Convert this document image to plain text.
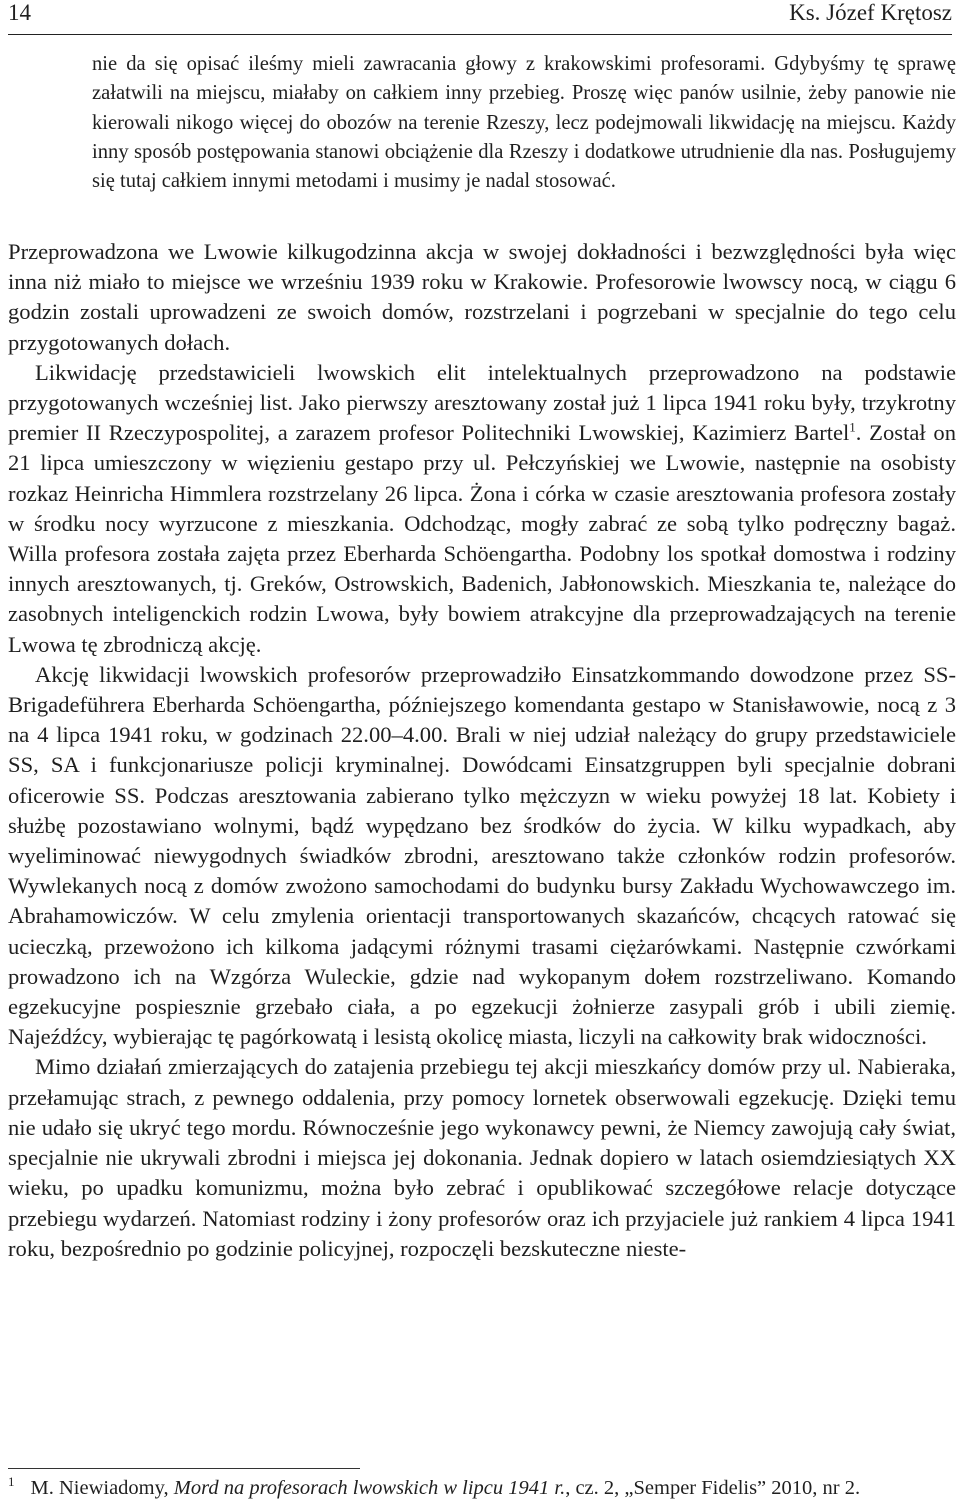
14	Ks. Józef Krętosz

nie da się opisać ileśmy mieli zawracania głowy z krakowskimi profesorami. Gdybyśmy tę sprawę załatwili na miejscu, miałaby on całkiem inny przebieg. Proszę więc panów usilnie, żeby panowie nie kierowali nikogo więcej do obozów na terenie Rzeszy, lecz podejmowali likwidację na miejscu. Każdy inny sposób postępowania stanowi obciążenie dla Rzeszy i dodatkowe utrudnienie dla nas. Posługujemy się tutaj całkiem innymi metodami i musimy je nadal stosować.

Przeprowadzona we Lwowie kilkugodzinna akcja w swojej dokładności i bezwzględności była więc inna niż miało to miejsce we wrześniu 1939 roku w Krakowie. Profesorowie lwowscy nocą, w ciągu 6 godzin zostali uprowadzeni ze swoich domów, rozstrzelani i pogrzebani w specjalnie do tego celu przygotowanych dołach.

Likwidację przedstawicieli lwowskich elit intelektualnych przeprowadzono na podstawie przygotowanych wcześniej list. Jako pierwszy aresztowany został już 1 lipca 1941 roku były, trzykrotny premier II Rzeczypospolitej, a zarazem profesor Politechniki Lwowskiej, Kazimierz Bartel$^1$. Został on 21 lipca umieszczony w więzieniu gestapo przy ul. Pełczyńskiej we Lwowie, następnie na osobisty rozkaz Heinricha Himmlera rozstrzelany 26 lipca. Żona i córka w czasie aresztowania profesora zostały w środku nocy wyrzucone z mieszkania. Odchodząc, mogły zabrać ze sobą tylko podręczny bagaż. Willa profesora została zajęta przez Eberharda Schöengartha. Podobny los spotkał domostwa i rodziny innych aresztowanych, tj. Greków, Ostrowskich, Badenich, Jabłonowskich. Mieszkania te, należące do zasobnych inteligenckich rodzin Lwowa, były bowiem atrakcyjne dla przeprowadzających na terenie Lwowa tę zbrodniczą akcję.

Akcję likwidacji lwowskich profesorów przeprowadziło Einsatzkommando dowodzone przez SS-Brigadeführera Eberharda Schöengartha, późniejszego komendanta gestapo w Stanisławowie, nocą z 3 na 4 lipca 1941 roku, w godzinach 22.00–4.00. Brali w niej udział należący do grupy przedstawiciele SS, SA i funkcjonariusze policji kryminalnej. Dowódcami Einsatzgruppen byli specjalnie dobrani oficerowie SS. Podczas aresztowania zabierano tylko mężczyzn w wieku powyżej 18 lat. Kobiety i służbę pozostawiano wolnymi, bądź wypędzano bez środków do życia. W kilku wypadkach, aby wyeliminować niewygodnych świadków zbrodni, aresztowano także członków rodzin profesorów. Wywlekanych nocą z domów zwożono samochodami do budynku bursy Zakładu Wychowawczego im. Abrahamowiczów. W celu zmylenia orientacji transportowanych skazańców, chcących ratować się ucieczką, przewożono ich kilkoma jadącymi różnymi trasami ciężarówkami. Następnie czwórkami prowadzono ich na Wzgórza Wuleckie, gdzie nad wykopanym dołem rozstrzeliwano. Komando egzekucyjne pospiesznie grzebało ciała, a po egzekucji żołnierze zasypali grób i ubili ziemię. Najeźdźcy, wybierając tę pagórkowatą i lesistą okolicę miasta, liczyli na całkowity brak widoczności.

Mimo działań zmierzających do zatajenia przebiegu tej akcji mieszkańcy domów przy ul. Nabieraka, przełamując strach, z pewnego oddalenia, przy pomocy lornetek obserwowali egzekucję. Dzięki temu nie udało się ukryć tego mordu. Równocześnie jego wykonawcy pewni, że Niemcy zawojują cały świat, specjalnie nie ukrywali zbrodni i miejsca jej dokonania. Jednak dopiero w latach osiemdziesiątych XX wieku, po upadku komunizmu, można było zebrać i opublikować szczegółowe relacje dotyczące przebiegu wydarzeń. Natomiast rodziny i żony profesorów oraz ich przyjaciele już rankiem 4 lipca 1941 roku, bezpośrednio po godzinie policyjnej, rozpoczęli bezskuteczne nieste-

$^1$ M. Niewiadomy, Mord na profesorach lwowskich w lipcu 1941 r., cz. 2, „Semper Fidelis” 2010, nr 2.
